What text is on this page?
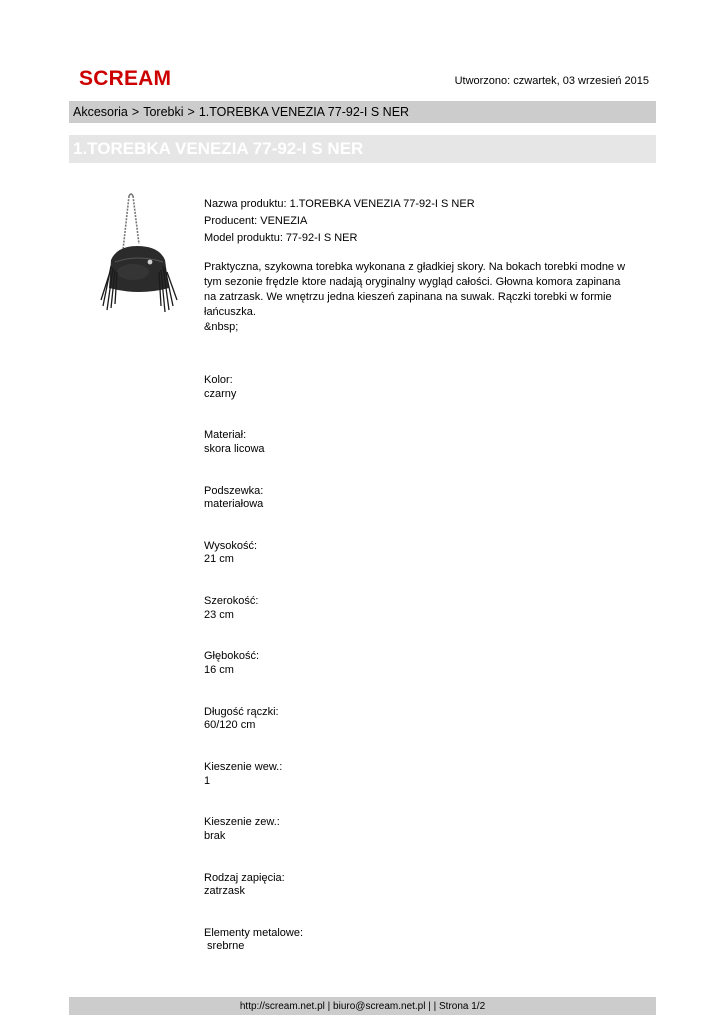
SCREAM	Utworzono: czwartek, 03 wrzesień 2015
Akcesoria > Torebki > 1.TOREBKA VENEZIA 77-92-I S NER
1.TOREBKA VENEZIA 77-92-I S NER
Nazwa produktu: 1.TOREBKA VENEZIA 77-92-I S NER
Producent: VENEZIA
Model produktu: 77-92-I S NER
Praktyczna, szykowna torebka wykonana z gładkiej skory. Na bokach torebki modne w tym sezonie frędzle ktore nadają oryginalny wygląd całości. Głowna komora zapinana na zatrzask. We wnętrzu jedna kieszeń zapinana na suwak. Rączki torebki w formie łańcuszka.
&nbsp;
Kolor:
czarny
Materiał:
skora licowa
Podszewka:
materiałowa
Wysokość:
21 cm
Szerokość:
23 cm
Głębokość:
16 cm
Długość rączki:
60/120 cm
Kieszenie wew.:
1
Kieszenie zew.:
brak
Rodzaj zapięcia:
zatrzask
Elementy metalowe:
srebrne
http://scream.net.pl | biuro@scream.net.pl | | Strona 1/2
